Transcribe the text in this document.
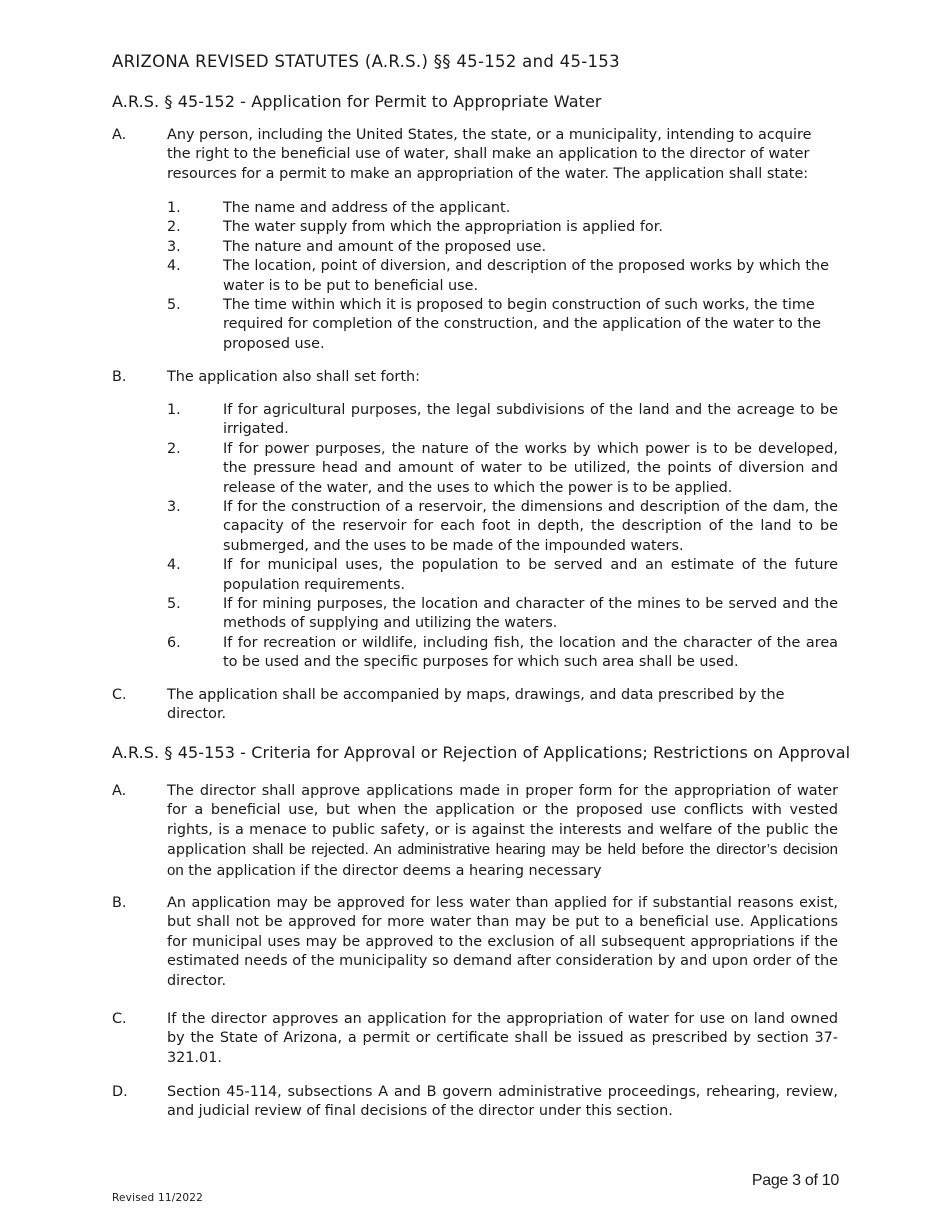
ARIZONA REVISED STATUTES (A.R.S.) §§ 45-152 and 45-153
A.R.S. § 45-152 - Application for Permit to Appropriate Water
A.	Any person, including the United States, the state, or a municipality, intending to acquire the right to the beneficial use of water, shall make an application to the director of water resources for a permit to make an appropriation of the water. The application shall state:
1.	The name and address of the applicant.
2.	The water supply from which the appropriation is applied for.
3.	The nature and amount of the proposed use.
4.	The location, point of diversion, and description of the proposed works by which the water is to be put to beneficial use.
5.	The time within which it is proposed to begin construction of such works, the time required for completion of the construction, and the application of the water to the proposed use.
B.	The application also shall set forth:
1.	If for agricultural purposes, the legal subdivisions of the land and the acreage to be irrigated.
2.	If for power purposes, the nature of the works by which power is to be developed, the pressure head and amount of water to be utilized, the points of diversion and release of the water, and the uses to which the power is to be applied.
3.	If for the construction of a reservoir, the dimensions and description of the dam, the capacity of the reservoir for each foot in depth, the description of the land to be submerged, and the uses to be made of the impounded waters.
4.	If for municipal uses, the population to be served and an estimate of the future population requirements.
5.	If for mining purposes, the location and character of the mines to be served and the methods of supplying and utilizing the waters.
6.	If for recreation or wildlife, including fish, the location and the character of the area to be used and the specific purposes for which such area shall be used.
C.	The application shall be accompanied by maps, drawings, and data prescribed by the director.
A.R.S. § 45-153 - Criteria for Approval or Rejection of Applications; Restrictions on Approval
A.	The director shall approve applications made in proper form for the appropriation of water for a beneficial use, but when the application or the proposed use conflicts with vested rights, is a menace to public safety, or is against the interests and welfare of the public the application shall be rejected. An administrative hearing may be held before the director’s decision on the application if the director deems a hearing necessary
B.	An application may be approved for less water than applied for if substantial reasons exist, but shall not be approved for more water than may be put to a beneficial use. Applications for municipal uses may be approved to the exclusion of all subsequent appropriations if the estimated needs of the municipality so demand after consideration by and upon order of the director.
C.	If the director approves an application for the appropriation of water for use on land owned by the State of Arizona, a permit or certificate shall be issued as prescribed by section 37-321.01.
D.	Section 45-114, subsections A and B govern administrative proceedings, rehearing, review, and judicial review of final decisions of the director under this section.
Page 3 of 10
Revised 11/2022
